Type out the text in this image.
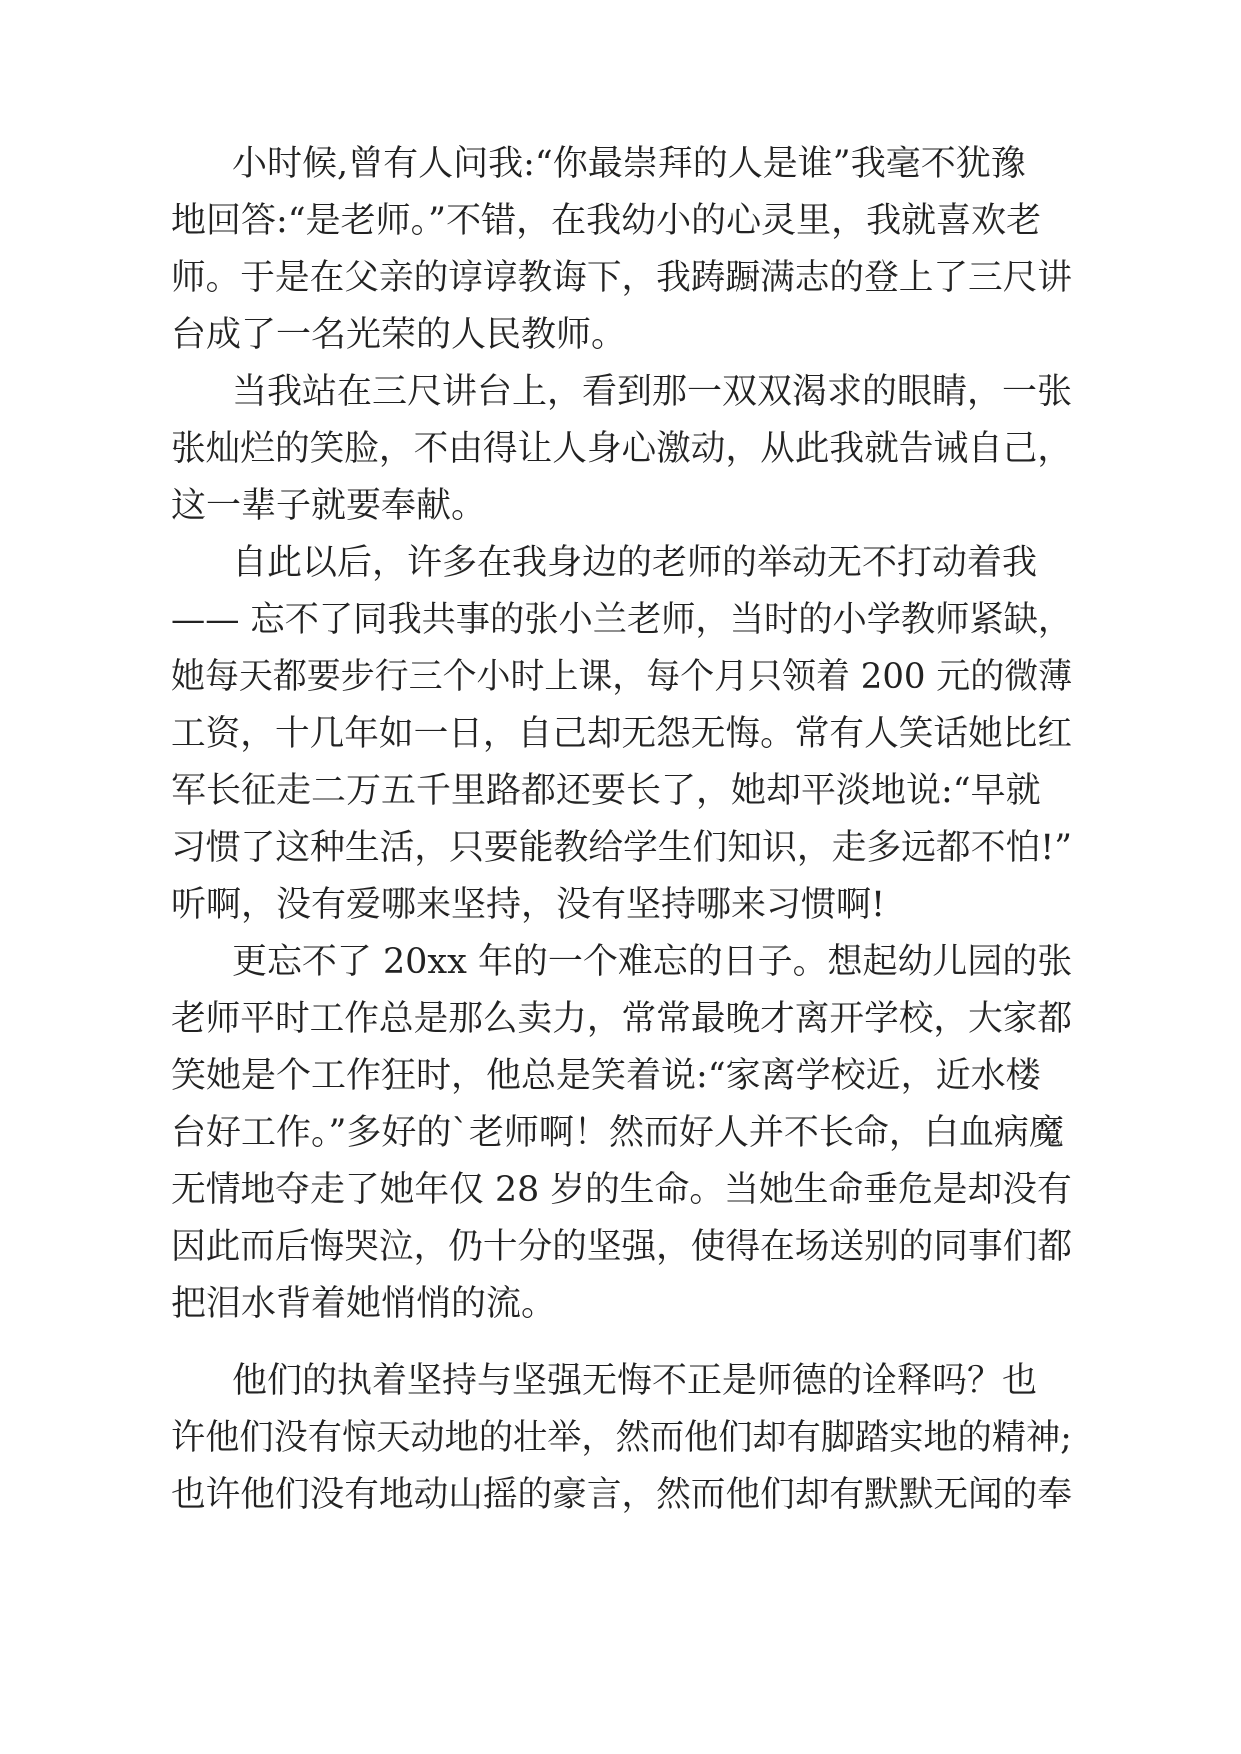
小时候,曾有人问我:“你最崇拜的人是谁”我毫不犹豫
地回答:“是老师。”不错，在我幼小的心灵里，我就喜欢老
师。于是在父亲的谆谆教诲下，我踌蹰满志的登上了三尺讲
台成了一名光荣的人民教师。
当我站在三尺讲台上，看到那一双双渴求的眼睛，一张
张灿烂的笑脸，不由得让人身心激动，从此我就告诫自己，
这一辈子就要奉献。
自此以后，许多在我身边的老师的举动无不打动着我
—— 忘不了同我共事的张小兰老师，当时的小学教师紧缺，
她每天都要步行三个小时上课，每个月只领着 200 元的微薄
工资，十几年如一日，自己却无怨无悔。常有人笑话她比红
军长征走二万五千里路都还要长了，她却平淡地说:“早就
习惯了这种生活，只要能教给学生们知识，走多远都不怕!”
听啊，没有爱哪来坚持，没有坚持哪来习惯啊!
更忘不了 20xx 年的一个难忘的日子。想起幼儿园的张
老师平时工作总是那么卖力，常常最晚才离开学校，大家都
笑她是个工作狂时，他总是笑着说:“家离学校近，近水楼
台好工作。”多好的`老师啊！然而好人并不长命，白血病魔
无情地夺走了她年仅 28 岁的生命。当她生命垂危是却没有
因此而后悔哭泣，仍十分的坚强，使得在场送别的同事们都
把泪水背着她悄悄的流。
他们的执着坚持与坚强无悔不正是师德的诠释吗？也
许他们没有惊天动地的壮举，然而他们却有脚踏实地的精神;
也许他们没有地动山摇的豪言，然而他们却有默默无闻的奉
